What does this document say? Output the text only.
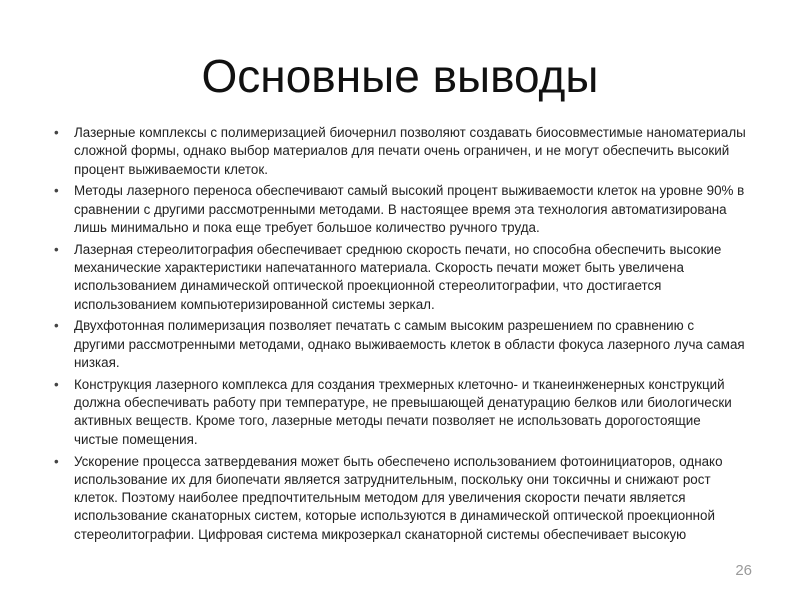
Основные выводы
• Лазерные комплексы с полимеризацией биочернил позволяют создавать биосовместимые наноматериалы сложной формы, однако выбор материалов для печати очень ограничен, и не могут обеспечить высокий процент выживаемости клеток.
• Методы лазерного переноса обеспечивают самый высокий процент выживаемости клеток на уровне 90% в сравнении с другими рассмотренными методами. В настоящее время эта технология автоматизирована лишь минимально и пока еще требует большое количество ручного труда.
• Лазерная стереолитография обеспечивает среднюю скорость печати, но способна обеспечить высокие механические характеристики напечатанного материала. Скорость печати может быть увеличена использованием динамической оптической проекционной стереолитографии, что достигается использованием компьютеризированной системы зеркал.
• Двухфотонная полимеризация позволяет печатать с самым высоким разрешением по сравнению с другими рассмотренными методами, однако выживаемость клеток в области фокуса лазерного луча самая низкая.
• Конструкция лазерного комплекса для создания трехмерных клеточно- и тканеинженерных конструкций должна обеспечивать работу при температуре, не превышающей денатурацию белков или биологически активных веществ. Кроме того, лазерные методы печати позволяет не использовать дорогостоящие чистые помещения.
• Ускорение процесса затвердевания может быть обеспечено использованием фотоинициаторов, однако использование их для биопечати является затруднительным, поскольку они токсичны и снижают рост клеток. Поэтому наиболее предпочтительным методом для увеличения скорости печати является использование сканаторных систем, которые используются в динамической оптической проекционной стереолитографии. Цифровая система микрозеркал сканаторной системы обеспечивает высокую
26
